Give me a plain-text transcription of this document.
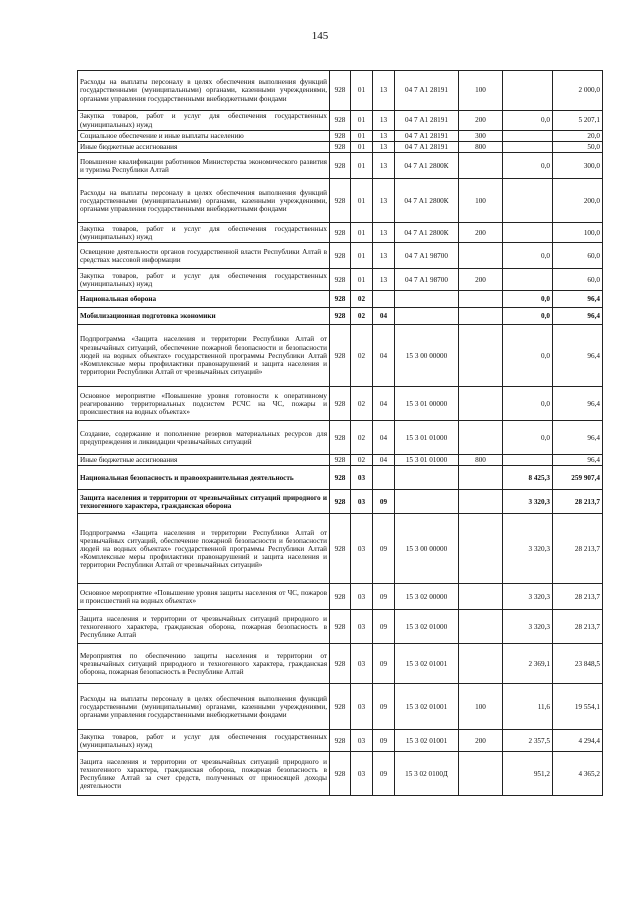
145
Расходы на выплаты персоналу в целях обеспечения выполнения функций государственными (муниципальными) органами, казенными учреждениями, органами управления государственными внебюджетными фондами	928	01	13	04 7 А1 28191	100		2 000,0
Закупка товаров, работ и услуг для обеспечения государственных (муниципальных) нужд	928	01	13	04 7 А1 28191	200	0,0	5 207,1
Социальное обеспечение и иные выплаты населению	928	01	13	04 7 А1 28191	300		20,0
Иные бюджетные ассигнования	928	01	13	04 7 А1 28191	800		50,0
Повышение квалификации работников Министерства экономического развития и туризма Республики Алтай	928	01	13	04 7 А1 2800К		0,0	300,0
Расходы на выплаты персоналу в целях обеспечения выполнения функций государственными (муниципальными) органами, казенными учреждениями, органами управления государственными внебюджетными фондами	928	01	13	04 7 А1 2800К	100		200,0
Закупка товаров, работ и услуг для обеспечения государственных (муниципальных) нужд	928	01	13	04 7 А1 2800К	200		100,0
Освещение деятельности органов государственной власти Республики Алтай в средствах массовой информации	928	01	13	04 7 А1 98700		0,0	60,0
Закупка товаров, работ и услуг для обеспечения государственных (муниципальных) нужд	928	01	13	04 7 А1 98700	200		60,0
Национальная оборона	928	02				0,0	96,4
Мобилизационная подготовка экономики	928	02	04			0,0	96,4
Подпрограмма «Защита населения и территории Республики Алтай от чрезвычайных ситуаций, обеспечение пожарной безопасности и безопасности людей на водных объектах» государственной программы Республики Алтай «Комплексные меры профилактики правонарушений и защита населения и территории Республики Алтай от чрезвычайных ситуаций»	928	02	04	15 3 00 00000		0,0	96,4
Основное мероприятие «Повышение уровня готовности к оперативному реагированию территориальных подсистем РСЧС на ЧС, пожары и происшествия на водных объектах»	928	02	04	15 3 01 00000		0,0	96,4
Создание, содержание и пополнение резервов материальных ресурсов для предупреждения и ликвидации чрезвычайных ситуаций	928	02	04	15 3 01 01000		0,0	96,4
Иные бюджетные ассигнования	928	02	04	15 3 01 01000	800		96,4
Национальная безопасность и правоохранительная деятельность	928	03				8 425,3	259 907,4
Защита населения и территории от чрезвычайных ситуаций природного и техногенного характера, гражданская оборона	928	03	09			3 320,3	28 213,7
Подпрограмма «Защита населения и территории Республики Алтай от чрезвычайных ситуаций, обеспечение пожарной безопасности и безопасности людей на водных объектах» государственной программы Республики Алтай «Комплексные меры профилактики правонарушений и защита населения и территории Республики Алтай от чрезвычайных ситуаций»	928	03	09	15 3 00 00000		3 320,3	28 213,7
Основное мероприятие «Повышение уровня защиты населения от ЧС, пожаров и происшествий на водных объектах»	928	03	09	15 3 02 00000		3 320,3	28 213,7
Защита населения и территории от чрезвычайных ситуаций природного и техногенного характера, гражданская оборона, пожарная безопасность в Республике Алтай	928	03	09	15 3 02 01000		3 320,3	28 213,7
Мероприятия по обеспечению защиты населения и территории от чрезвычайных ситуаций природного и техногенного характера, гражданская оборона, пожарная безопасность в Республике Алтай	928	03	09	15 3 02 01001		2 369,1	23 848,5
Расходы на выплаты персоналу в целях обеспечения выполнения функций государственными (муниципальными) органами, казенными учреждениями, органами управления государственными внебюджетными фондами	928	03	09	15 3 02 01001	100	11,6	19 554,1
Закупка товаров, работ и услуг для обеспечения государственных (муниципальных) нужд	928	03	09	15 3 02 01001	200	2 357,5	4 294,4
Защита населения и территории от чрезвычайных ситуаций природного и техногенного характера, гражданская оборона, пожарная безопасность в Республике Алтай за счет средств, полученных от приносящей доходы деятельности	928	03	09	15 3 02 0100Д		951,2	4 365,2
